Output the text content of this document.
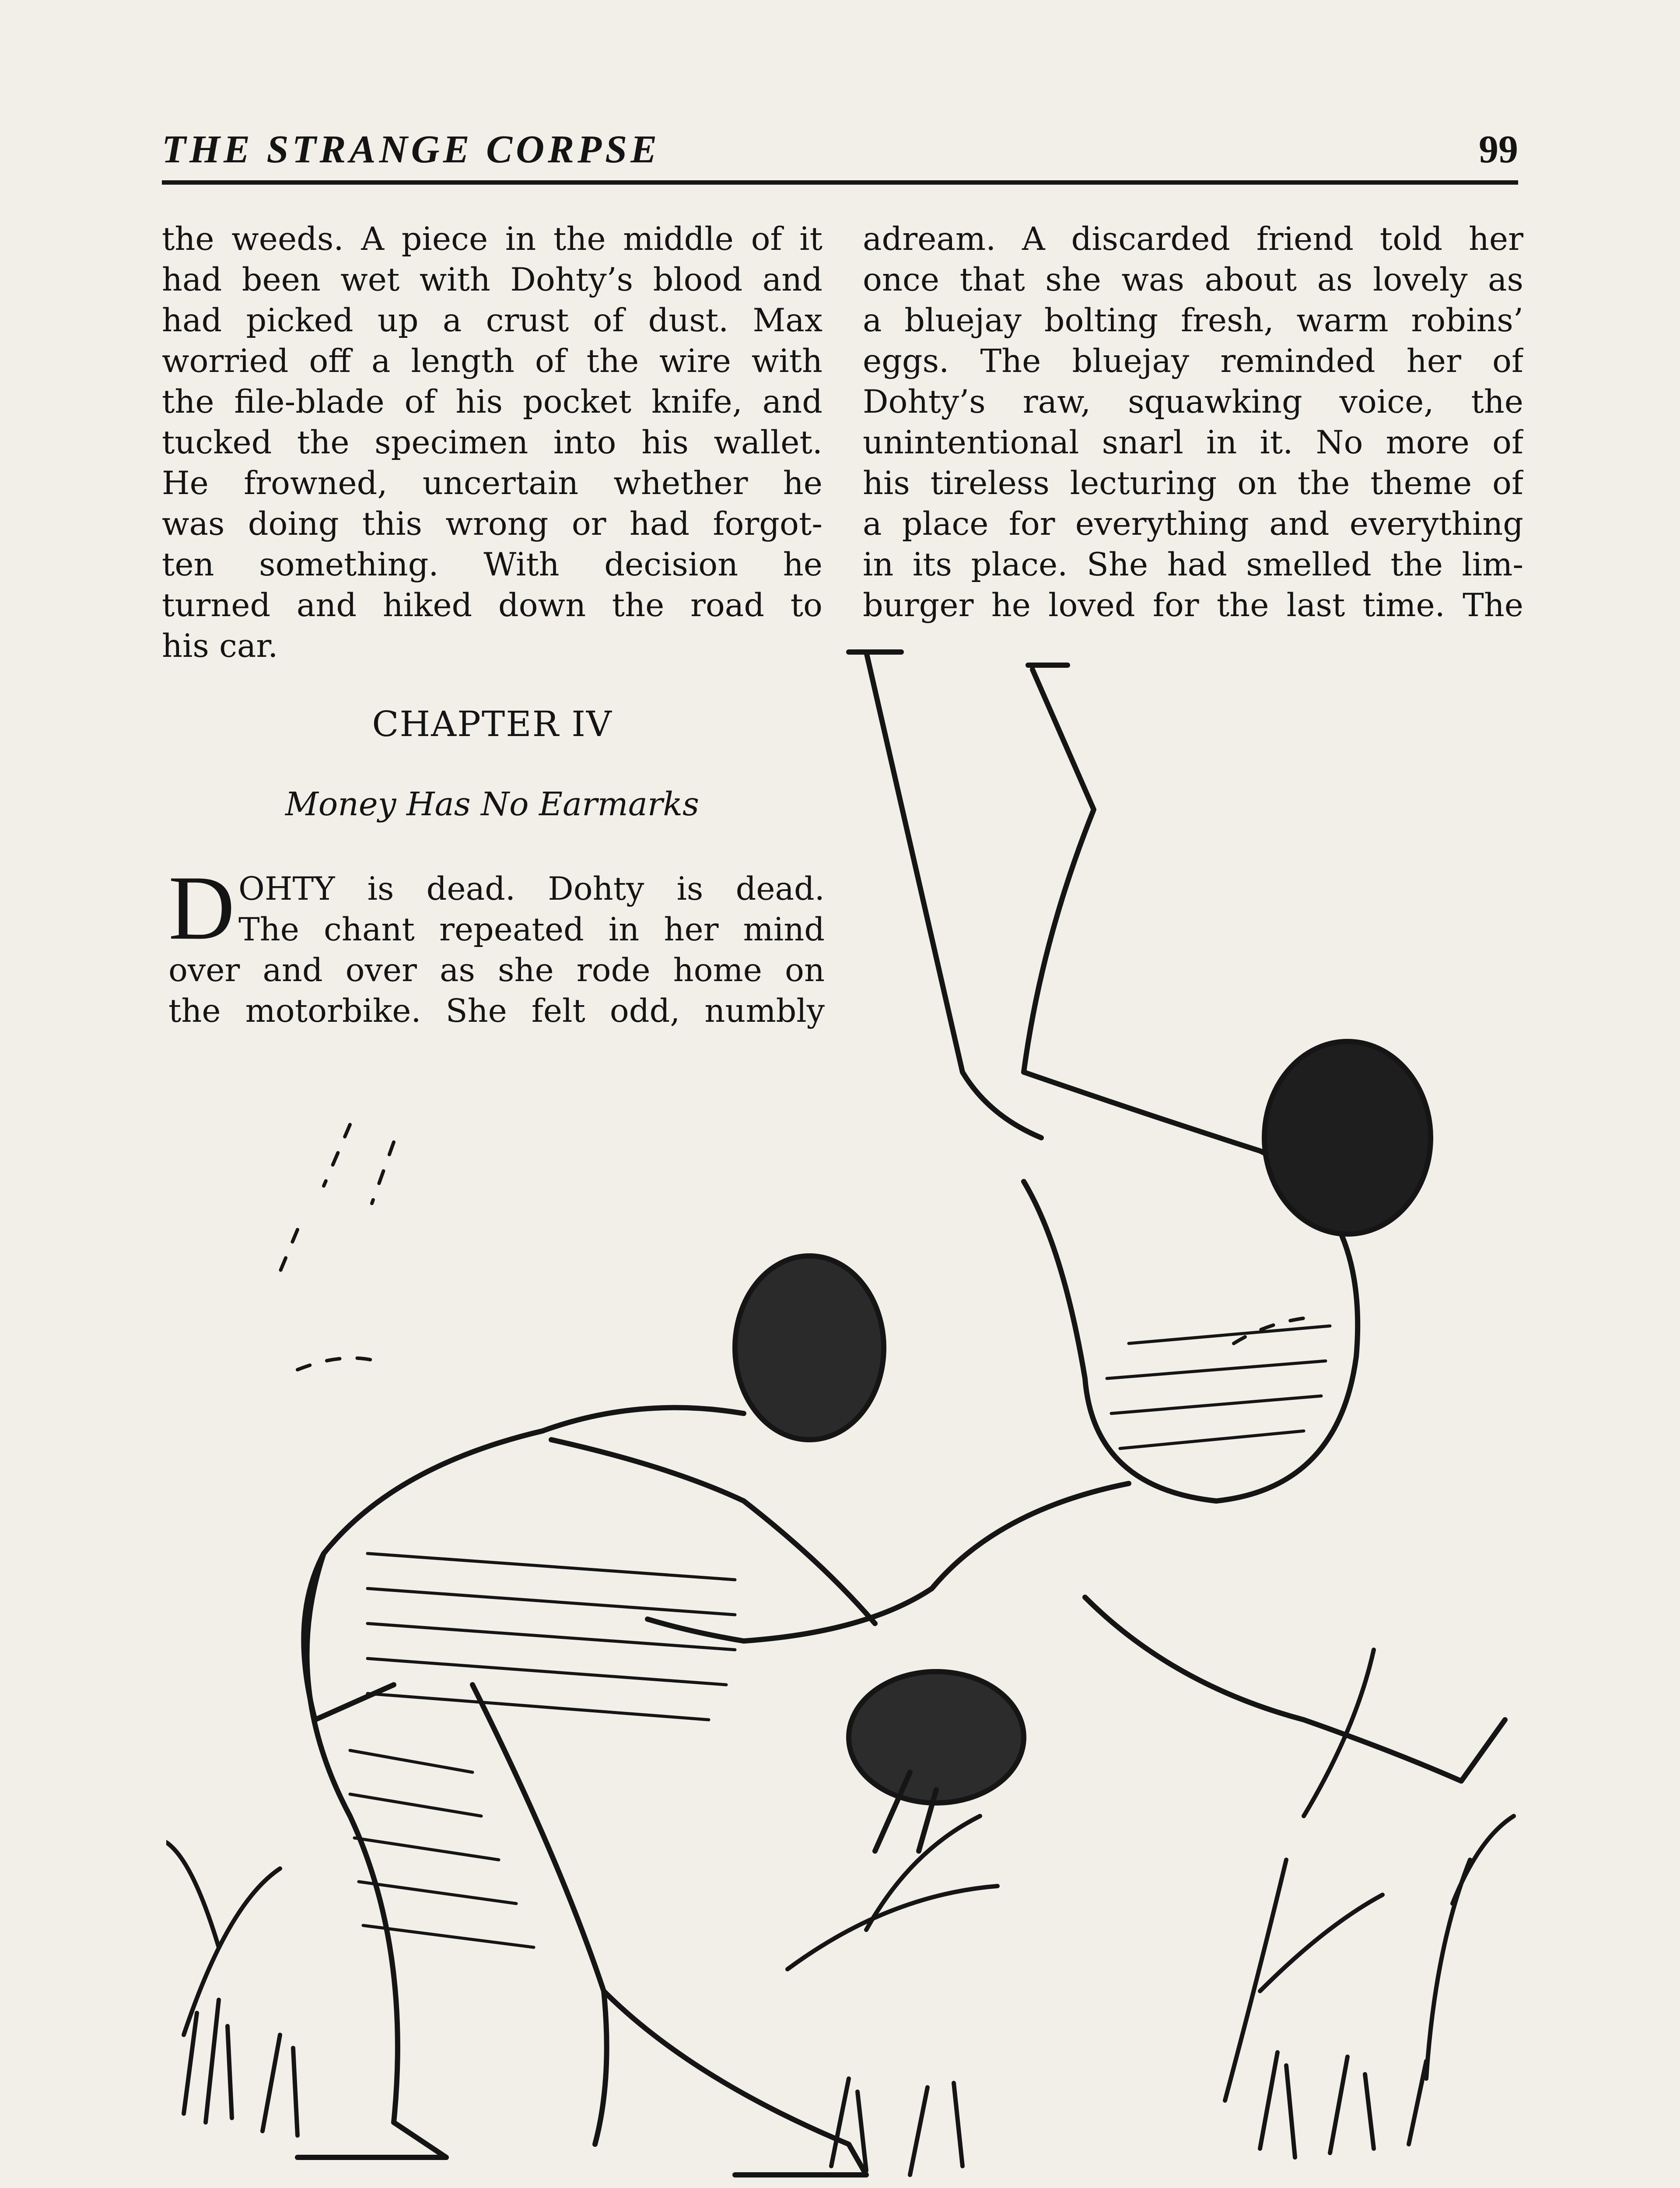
THE STRANGE CORPSE	99
the weeds. A piece in the middle of it
had been wet with Dohty’s blood and
had picked up a crust of dust. Max
worried off a length of the wire with
the file-blade of his pocket knife, and
tucked the specimen into his wallet.
He frowned, uncertain whether he
was doing this wrong or had forgot-
ten something. With decision he
turned and hiked down the road to
his car.
adream. A discarded friend told her
once that she was about as lovely as
a bluejay bolting fresh, warm robins’
eggs. The bluejay reminded her of
Dohty’s raw, squawking voice, the
unintentional snarl in it. No more of
his tireless lecturing on the theme of
a place for everything and everything
in its place. She had smelled the lim-
burger he loved for the last time. The
CHAPTER IV
Money Has No Earmarks
D OHTY is dead. Dohty is dead.
The chant repeated in her mind
over and over as she rode home on
the motorbike. She felt odd, numbly
